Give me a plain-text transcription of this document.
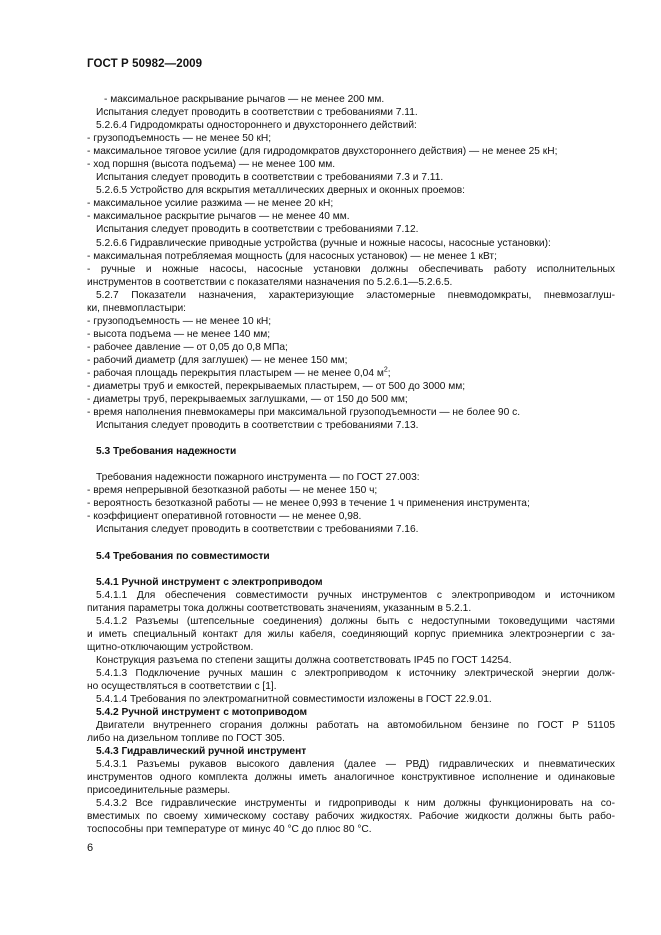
ГОСТ Р 50982—2009
- максимальное раскрывание рычагов — не менее 200 мм.
Испытания следует проводить в соответствии с требованиями 7.11.
5.2.6.4 Гидродомкраты одностороннего и двухстороннего действий:
- грузоподъемность — не менее 50 кН;
- максимальное тяговое усилие (для гидродомкратов двухстороннего действия) — не менее 25 кН;
- ход поршня (высота подъема) — не менее 100 мм.
Испытания следует проводить в соответствии с требованиями 7.3 и 7.11.
5.2.6.5 Устройство для вскрытия металлических дверных и оконных проемов:
- максимальное усилие разжима — не менее 20 кН;
- максимальное раскрытие рычагов — не менее 40 мм.
Испытания следует проводить в соответствии с требованиями 7.12.
5.2.6.6 Гидравлические приводные устройства (ручные и ножные насосы, насосные установки):
- максимальная потребляемая мощность (для насосных установок) — не менее 1 кВт;
- ручные и ножные насосы, насосные установки должны обеспечивать работу исполнительных
инструментов в соответствии с показателями назначения по 5.2.6.1—5.2.6.5.
5.2.7 Показатели назначения, характеризующие эластомерные пневмодомкраты, пневмозаглуш-
ки, пневмопластыри:
- грузоподъемность — не менее 10 кН;
- высота подъема — не менее 140 мм;
- рабочее давление — от 0,05 до 0,8 МПа;
- рабочий диаметр (для заглушек) — не менее 150 мм;
- рабочая площадь перекрытия пластырем — не менее 0,04 $м^2$;
- диаметры труб и емкостей, перекрываемых пластырем, — от 500 до 3000 мм;
- диаметры труб, перекрываемых заглушками, — от 150 до 500 мм;
- время наполнения пневмокамеры при максимальной грузоподъемности — не более 90 с.
Испытания следует проводить в соответствии с требованиями 7.13.
5.3 Требования надежности
Требования надежности пожарного инструмента — по ГОСТ 27.003:
- время непрерывной безотказной работы — не менее 150 ч;
- вероятность безотказной работы — не менее 0,993 в течение 1 ч применения инструмента;
- коэффициент оперативной готовности — не менее 0,98.
Испытания следует проводить в соответствии с требованиями 7.16.
5.4 Требования по совместимости
5.4.1 Ручной инструмент с электроприводом
5.4.1.1 Для обеспечения совместимости ручных инструментов с электроприводом и источником
питания параметры тока должны соответствовать значениям, указанным в 5.2.1.
5.4.1.2 Разъемы (штепсельные соединения) должны быть с недоступными токоведущими частями
и иметь специальный контакт для жилы кабеля, соединяющий корпус приемника электроэнергии с за-
щитно-отключающим устройством.
Конструкция разъема по степени защиты должна соответствовать IP45 по ГОСТ 14254.
5.4.1.3 Подключение ручных машин с электроприводом к источнику электрической энергии долж-
но осуществляться в соответствии с [1].
5.4.1.4 Требования по электромагнитной совместимости изложены в ГОСТ 22.9.01.
5.4.2 Ручной инструмент с мотоприводом
Двигатели внутреннего сгорания должны работать на автомобильном бензине по ГОСТ Р 51105
либо на дизельном топливе по ГОСТ 305.
5.4.3 Гидравлический ручной инструмент
5.4.3.1 Разъемы рукавов высокого давления (далее — РВД) гидравлических и пневматических
инструментов одного комплекта должны иметь аналогичное конструктивное исполнение и одинаковые
присоединительные размеры.
5.4.3.2 Все гидравлические инструменты и гидроприводы к ним должны функционировать на со-
вместимых по своему химическому составу рабочих жидкостях. Рабочие жидкости должны быть рабо-
тоспособны при температуре от минус 40 °С до плюс 80 °С.
6
